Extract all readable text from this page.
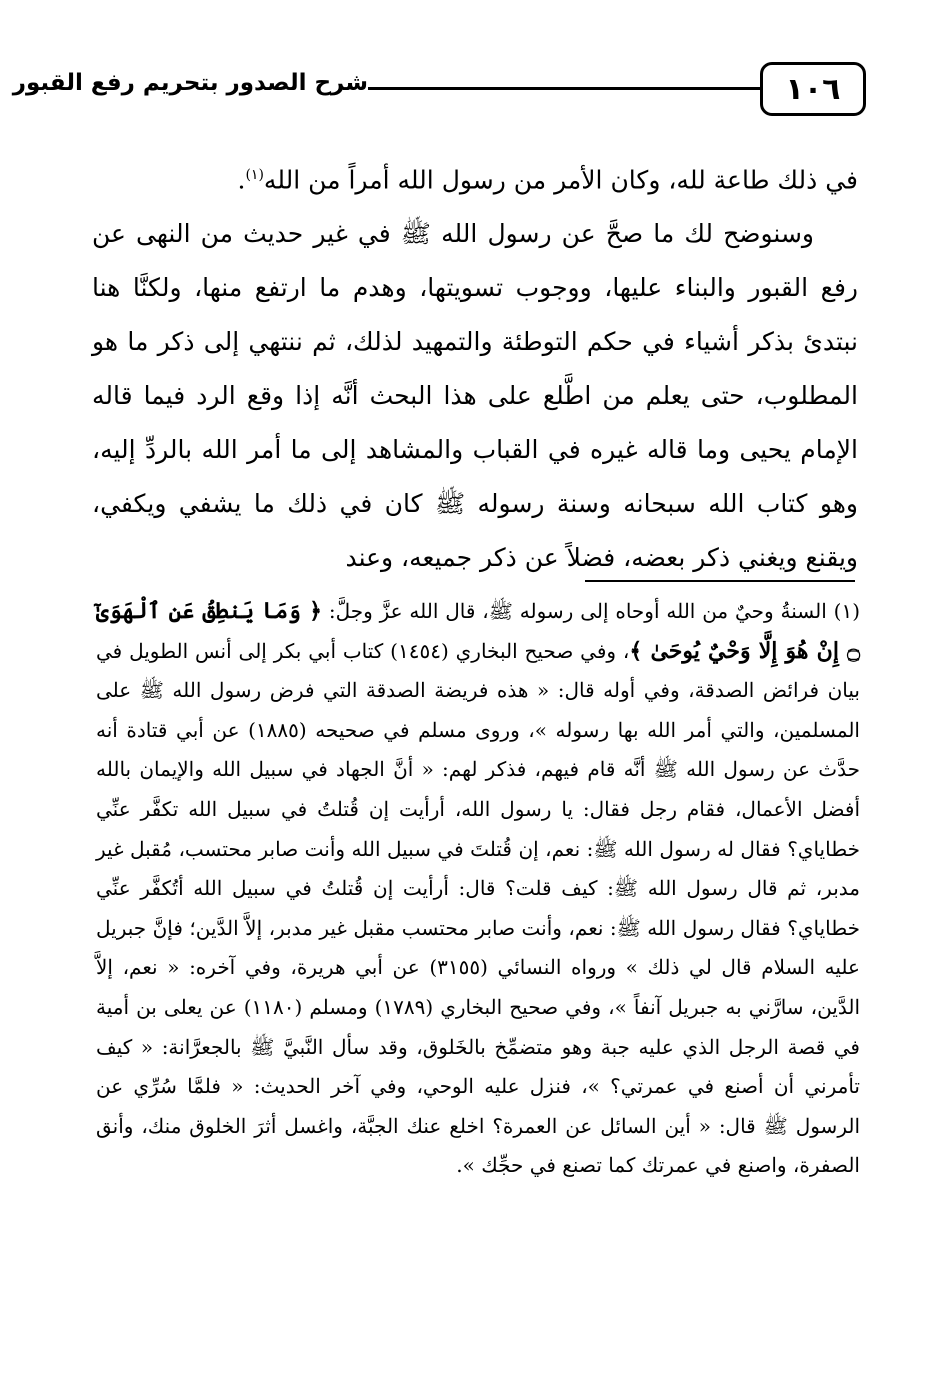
١٠٦
شرح الصدور بتحريم رفع القبور

في ذلك طاعة لله، وكان الأمر من رسول الله أمراً من الله$^{(١)}$.

وسنوضح لك ما صحَّ عن رسول الله ﷺ في غير حديث من النهى عن رفع القبور والبناء عليها، ووجوب تسويتها، وهدم ما ارتفع منها، ولكنَّا هنا نبتدئ بذكر أشياء في حكم التوطئة والتمهيد لذلك، ثم ننتهي إلى ذكر ما هو المطلوب، حتى يعلم من اطَّلع على هذا البحث أنَّه إذا وقع الرد فيما قاله الإمام يحيى وما قاله غيره في القباب والمشاهد إلى ما أمر الله بالردِّ إليه، وهو كتاب الله سبحانه وسنة رسوله ﷺ كان في ذلك ما يشفي ويكفي، ويقنع ويغني ذكر بعضه، فضلاً عن ذكر جميعه، وعند

(١) السنةُ وحيٌ من الله أوحاه إلى رسوله ﷺ، قال الله عزَّ وجلَّ: ﴿ وَمَا يَنطِقُ عَنِ ٱلْهَوَىٰٓ ۝ إِنْ هُوَ إِلَّا وَحْيٌ يُوحَىٰ ﴾، وفي صحيح البخاري (١٤٥٤) كتاب أبي بكر إلى أنس الطويل في بيان فرائض الصدقة، وفي أوله قال: « هذه فريضة الصدقة التي فرض رسول الله ﷺ على المسلمين، والتي أمر الله بها رسوله »، وروى مسلم في صحيحه (١٨٨٥) عن أبي قتادة أنه حدَّث عن رسول الله ﷺ أنَّه قام فيهم، فذكر لهم: « أنَّ الجهاد في سبيل الله والإيمان بالله أفضل الأعمال، فقام رجل فقال: يا رسول الله، أرأيت إن قُتلتُ في سبيل الله تكفَّر عنِّي خطاياي؟ فقال له رسول الله ﷺ: نعم، إن قُتلتَ في سبيل الله وأنت صابر محتسب، مُقبل غير مدبر، ثم قال رسول الله ﷺ: كيف قلت؟ قال: أرأيت إن قُتلتُ في سبيل الله أتُكفَّر عنِّي خطاياي؟ فقال رسول الله ﷺ: نعم، وأنت صابر محتسب مقبل غير مدبر، إلاَّ الدَّين؛ فإنَّ جبريل عليه السلام قال لي ذلك » ورواه النسائي (٣١٥٥) عن أبي هريرة، وفي آخره: « نعم، إلاَّ الدَّين، سارَّني به جبريل آنفاً »، وفي صحيح البخاري (١٧٨٩) ومسلم (١١٨٠) عن يعلى بن أمية في قصة الرجل الذي عليه جبة وهو متضمِّخ بالخَلوق، وقد سأل النَّبيَّ ﷺ بالجعرَّانة: « كيف تأمرني أن أصنع في عمرتي؟ »، فنزل عليه الوحي، وفي آخر الحديث: « فلمَّا سُرِّي عن الرسول ﷺ قال: « أين السائل عن العمرة؟ اخلع عنك الجبَّة، واغسل أثرَ الخلوق منك، وأنق الصفرة، واصنع في عمرتك كما تصنع في حجِّك ».
